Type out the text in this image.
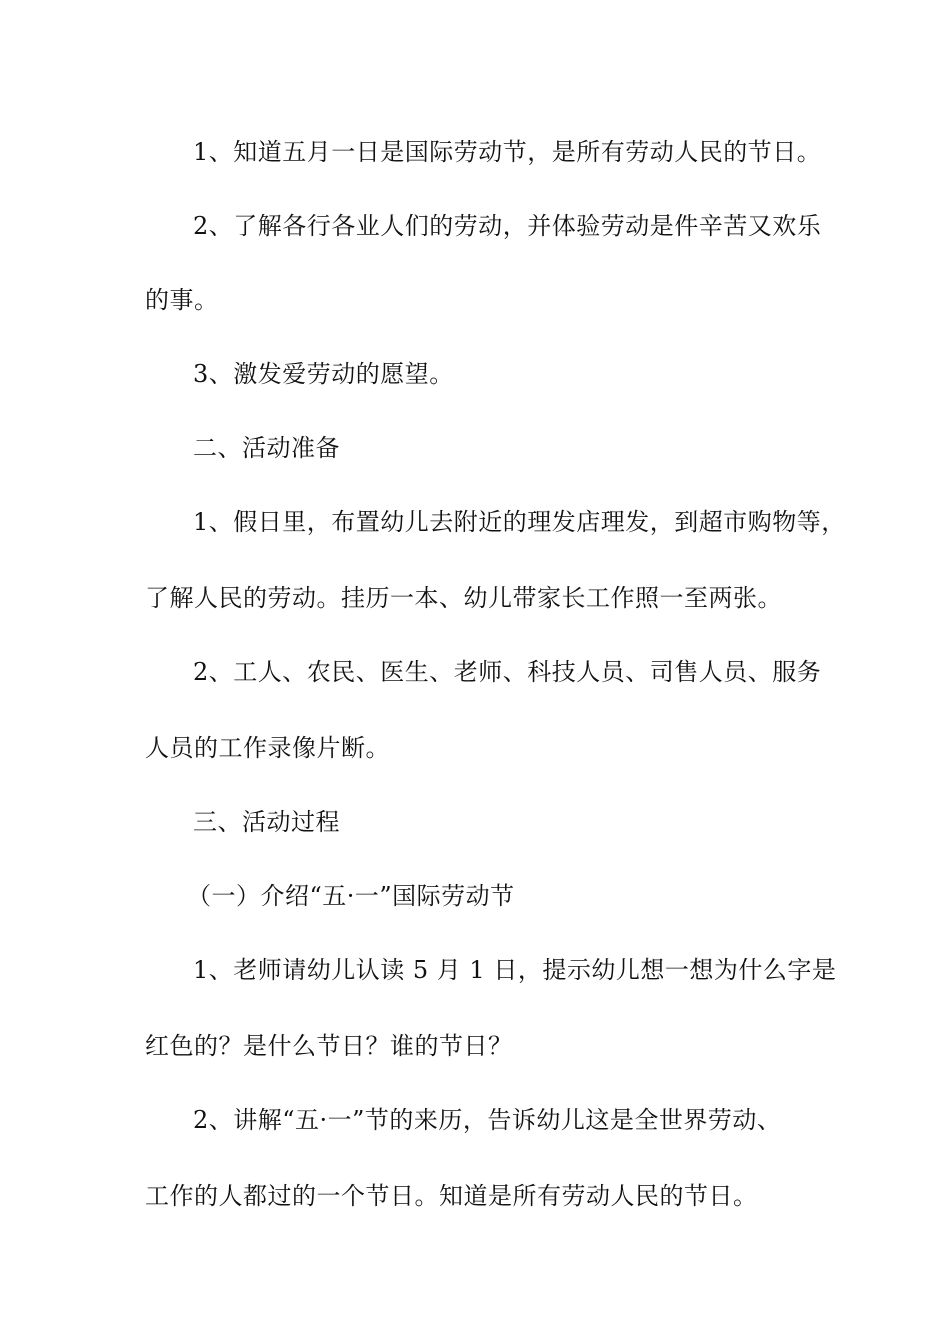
1、知道五月一日是国际劳动节，是所有劳动人民的节日。
2、了解各行各业人们的劳动，并体验劳动是件辛苦又欢乐
的事。
3、激发爱劳动的愿望。
二、活动准备
1、假日里，布置幼儿去附近的理发店理发，到超市购物等，
了解人民的劳动。挂历一本、幼儿带家长工作照一至两张。
2、工人、农民、医生、老师、科技人员、司售人员、服务
人员的工作录像片断。
三、活动过程
（一）介绍“五·一”国际劳动节
1、老师请幼儿认读 5 月 1 日，提示幼儿想一想为什么字是
红色的？是什么节日？谁的节日？
2、讲解“五·一”节的来历，告诉幼儿这是全世界劳动、
工作的人都过的一个节日。知道是所有劳动人民的节日。
